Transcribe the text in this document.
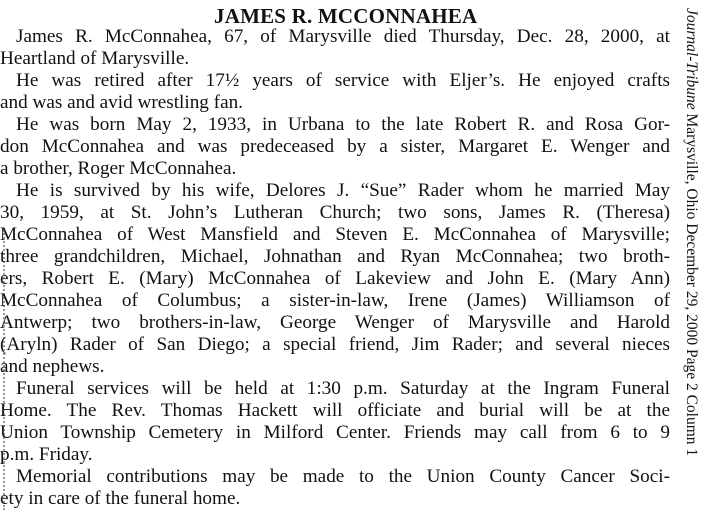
JAMES R. MCCONNAHEA
James R. McConnahea, 67, of Marysville died Thursday, Dec. 28, 2000, at
Heartland of Marysville.
He was retired after 17½ years of service with Eljer’s. He enjoyed crafts
and was and avid wrestling fan.
He was born May 2, 1933, in Urbana to the late Robert R. and Rosa Gor-
don McConnahea and was predeceased by a sister, Margaret E. Wenger and
a brother, Roger McConnahea.
He is survived by his wife, Delores J. “Sue” Rader whom he married May
30, 1959, at St. John’s Lutheran Church; two sons, James R. (Theresa)
McConnahea of West Mansfield and Steven E. McConnahea of Marysville;
three grandchildren, Michael, Johnathan and Ryan McConnahea; two broth-
ers, Robert E. (Mary) McConnahea of Lakeview and John E. (Mary Ann)
McConnahea of Columbus; a sister-in-law, Irene (James) Williamson of
Antwerp; two brothers-in-law, George Wenger of Marysville and Harold
(Aryln) Rader of San Diego; a special friend, Jim Rader; and several nieces
and nephews.
Funeral services will be held at 1:30 p.m. Saturday at the Ingram Funeral
Home. The Rev. Thomas Hackett will officiate and burial will be at the
Union Township Cemetery in Milford Center. Friends may call from 6 to 9
p.m. Friday.
Memorial contributions may be made to the Union County Cancer Soci-
ety in care of the funeral home.
Journal-Tribune Marysville, Ohio December 29, 2000 Page 2 Column 1
